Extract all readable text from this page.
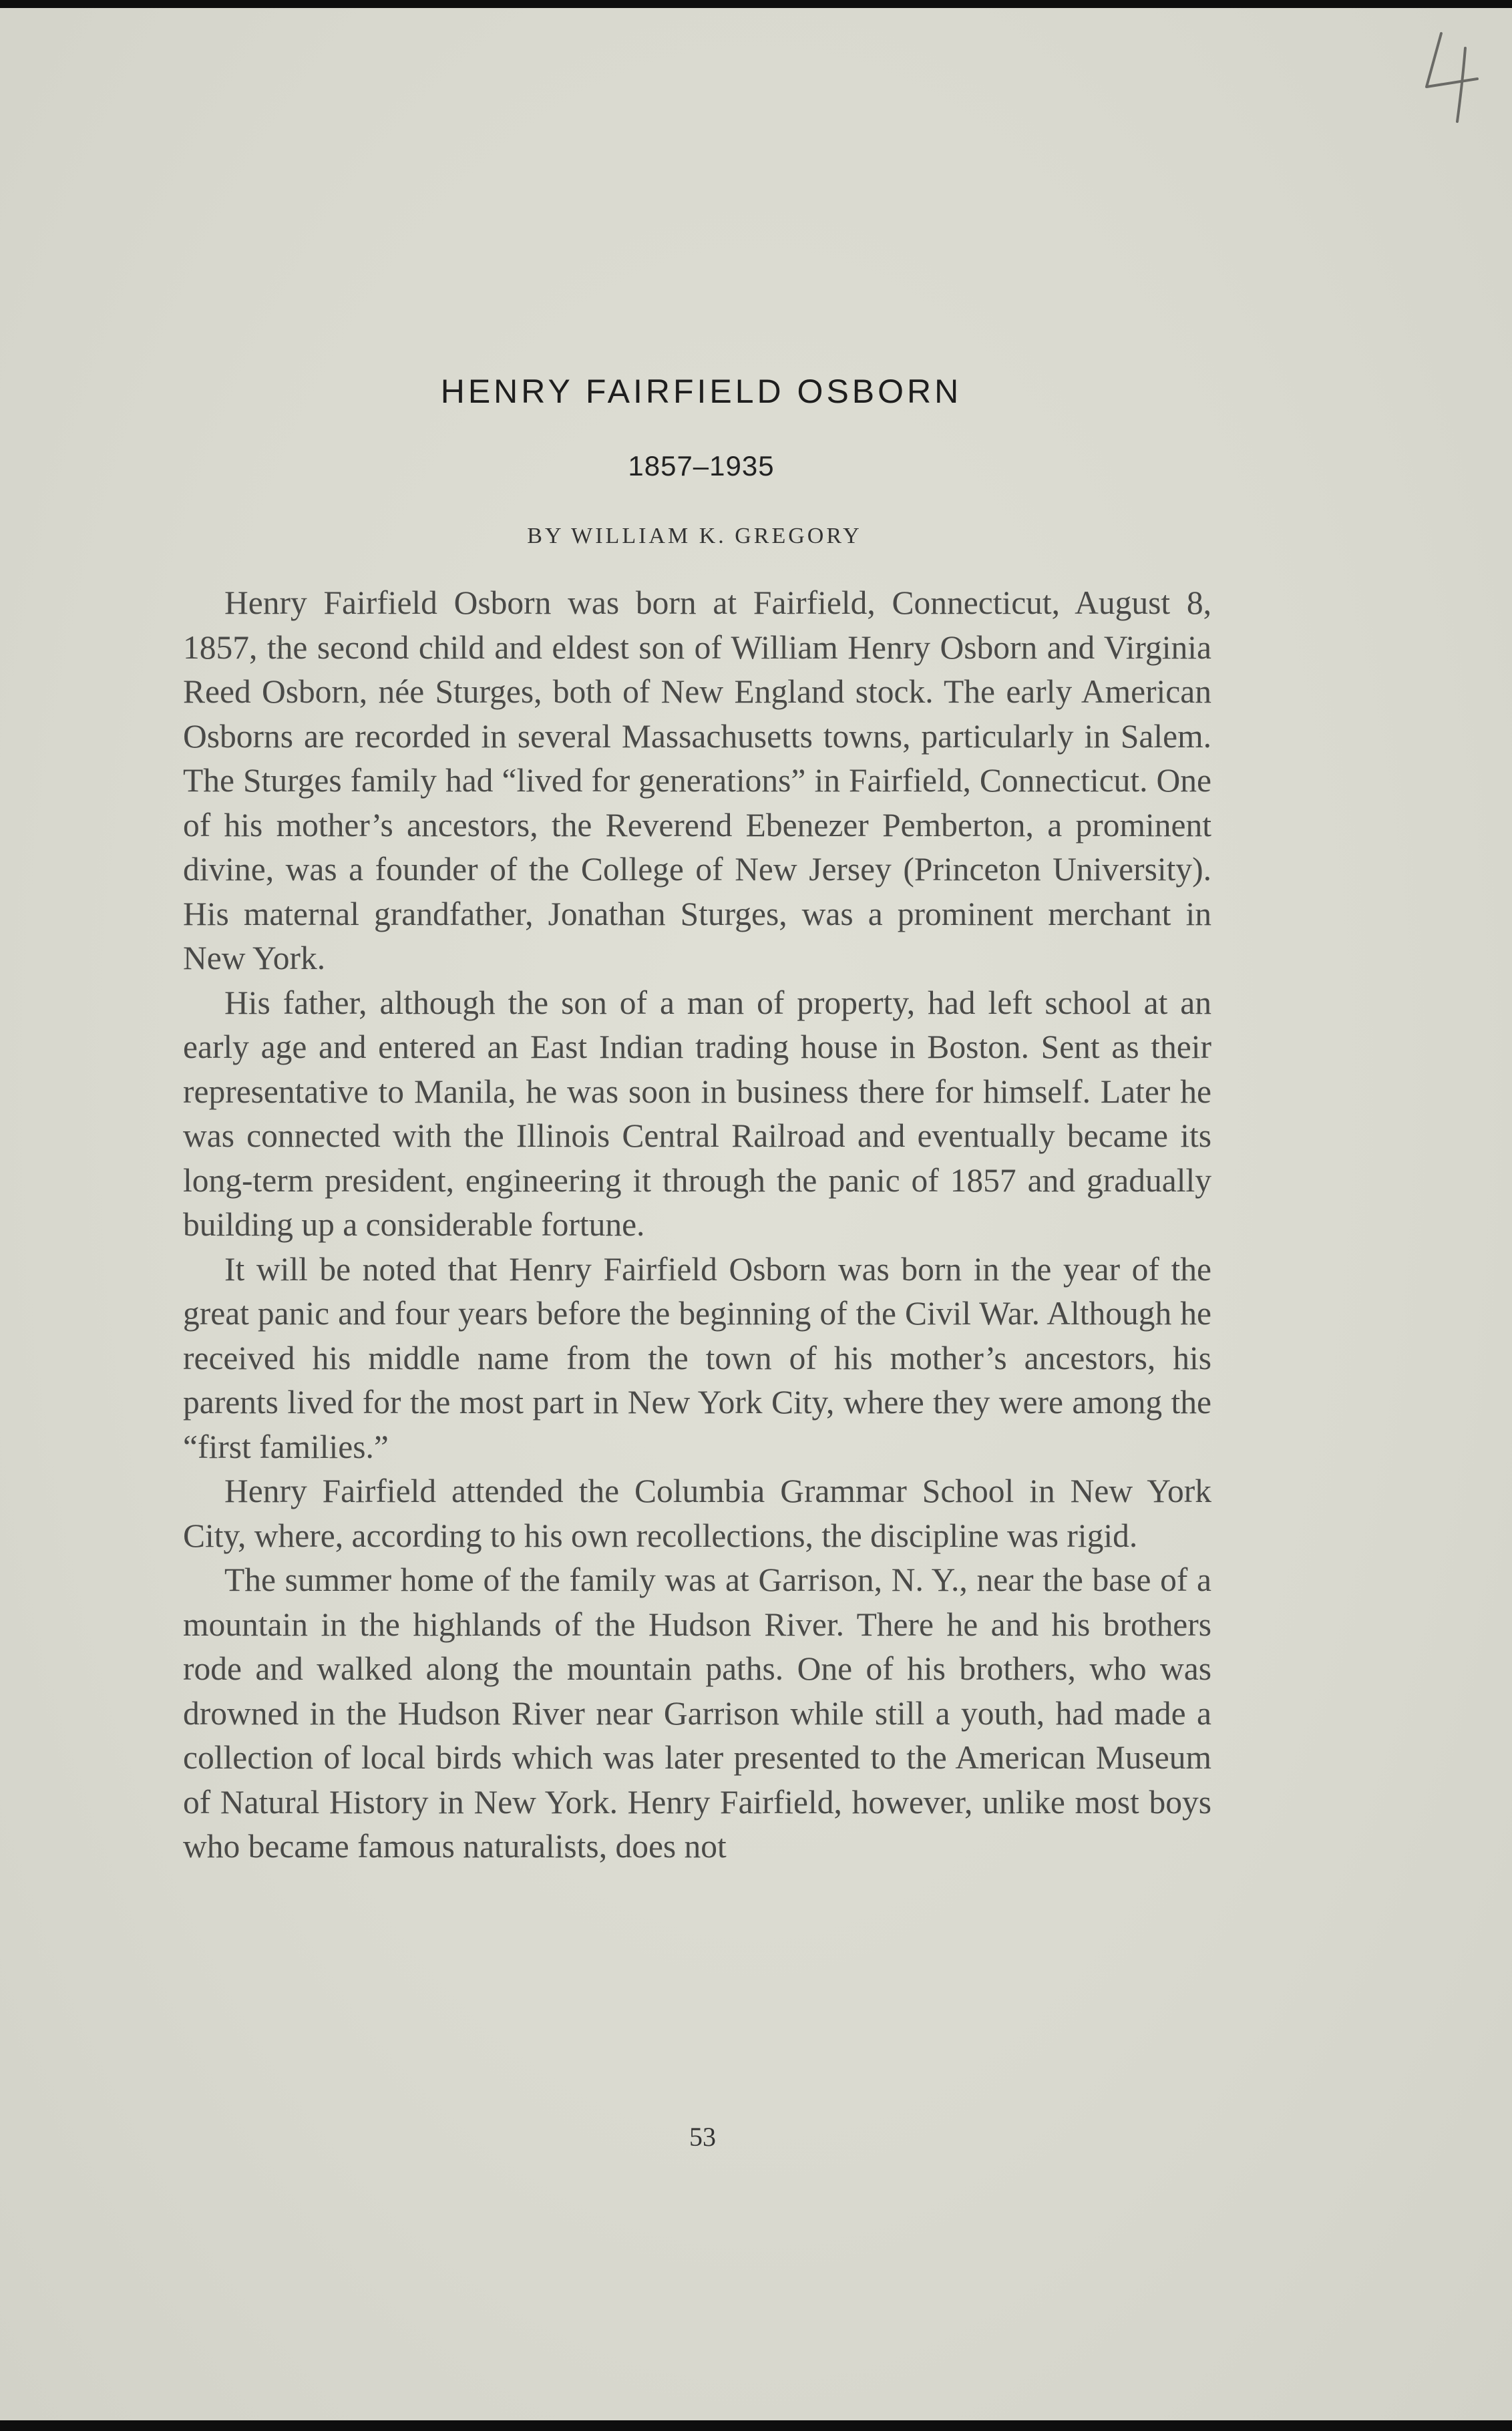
HENRY FAIRFIELD OSBORN
1857–1935
BY WILLIAM K. GREGORY

Henry Fairfield Osborn was born at Fairfield, Connecticut, August 8, 1857, the second child and eldest son of William Henry Osborn and Virginia Reed Osborn, née Sturges, both of New England stock. The early American Osborns are recorded in several Massachusetts towns, particularly in Salem. The Sturges family had “lived for generations” in Fairfield, Connecticut. One of his mother’s ancestors, the Reverend Ebenezer Pemberton, a prominent divine, was a founder of the College of New Jersey (Princeton University). His maternal grandfather, Jonathan Sturges, was a prominent merchant in New York.

His father, although the son of a man of property, had left school at an early age and entered an East Indian trading house in Boston. Sent as their representative to Manila, he was soon in business there for himself. Later he was connected with the Illinois Central Railroad and eventually became its long-term president, engineering it through the panic of 1857 and gradually building up a considerable fortune.

It will be noted that Henry Fairfield Osborn was born in the year of the great panic and four years before the beginning of the Civil War. Although he received his middle name from the town of his mother’s ancestors, his parents lived for the most part in New York City, where they were among the “first families.”

Henry Fairfield attended the Columbia Grammar School in New York City, where, according to his own recollections, the discipline was rigid.

The summer home of the family was at Garrison, N. Y., near the base of a mountain in the highlands of the Hudson River. There he and his brothers rode and walked along the mountain paths. One of his brothers, who was drowned in the Hudson River near Garrison while still a youth, had made a collection of local birds which was later presented to the American Museum of Natural History in New York. Henry Fairfield, however, unlike most boys who became famous naturalists, does not

53
